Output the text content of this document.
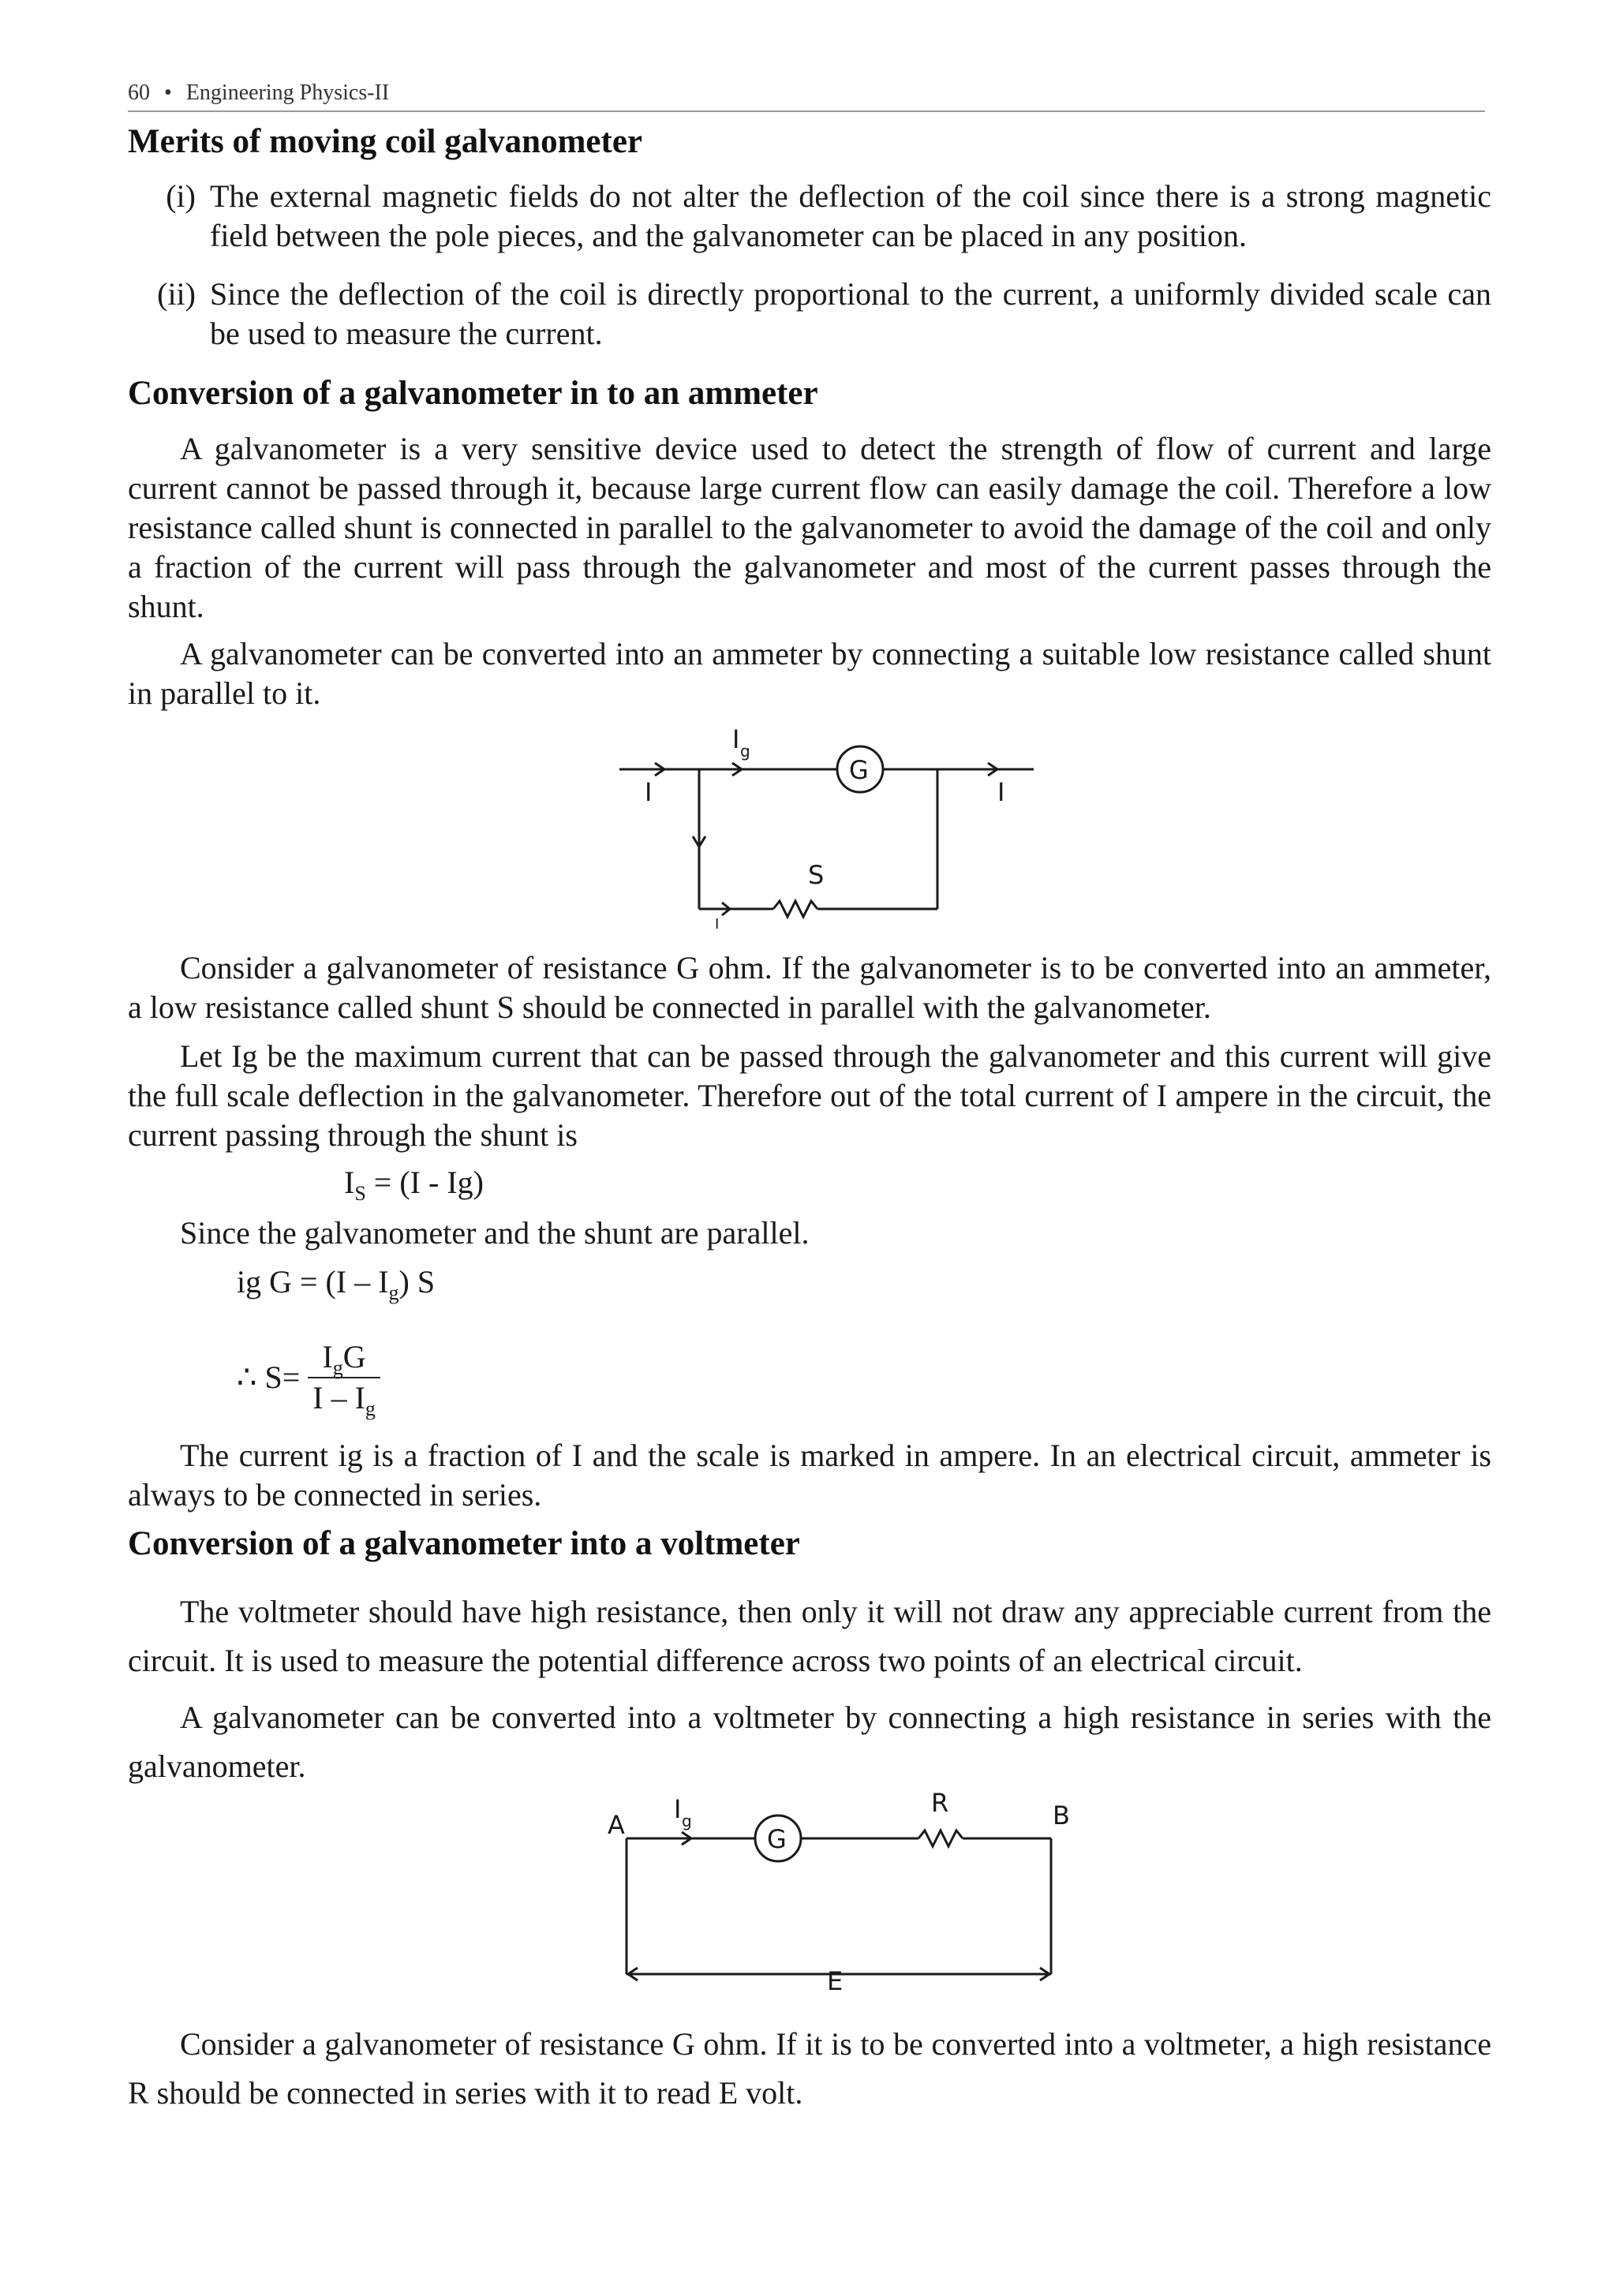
60 • Engineering Physics-II
Merits of moving coil galvanometer
(i) The external magnetic fields do not alter the deflection of the coil since there is a strong magnetic field between the pole pieces, and the galvanometer can be placed in any position.
(ii) Since the deflection of the coil is directly proportional to the current, a uniformly divided scale can be used to measure the current.
Conversion of a galvanometer in to an ammeter

A galvanometer is a very sensitive device used to detect the strength of flow of current and large current cannot be passed through it, because large current flow can easily damage the coil. Therefore a low resistance called shunt is connected in parallel to the galvanometer to avoid the damage of the coil and only a fraction of the current will pass through the galvanometer and most of the current passes through the shunt.

A galvanometer can be converted into an ammeter by connecting a suitable low resistance called shunt in parallel to it.

G
I	I
I g
S
I

Consider a galvanometer of resistance G ohm. If the galvanometer is to be converted into an ammeter, a low resistance called shunt S should be connected in parallel with the galvanometer.

Let Ig be the maximum current that can be passed through the galvanometer and this current will give the full scale deflection in the galvanometer. Therefore out of the total current of I ampere in the circuit, the current passing through the shunt is

$I_S = (I - Ig)$

Since the galvanometer and the shunt are parallel.

ig $G = (I - I_g)$ S
∴ $S= \frac{I_gG}{I - I_g}$

The current ig is a fraction of I and the scale is marked in ampere. In an electrical circuit, ammeter is always to be connected in series.

Conversion of a galvanometer into a voltmeter

The voltmeter should have high resistance, then only it will not draw any appreciable current from the circuit. It is used to measure the potential difference across two points of an electrical circuit.

A galvanometer can be converted into a voltmeter by connecting a high resistance in series with the galvanometer.

G
A	B
I g
R
E

Consider a galvanometer of resistance G ohm. If it is to be converted into a voltmeter, a high resistance R should be connected in series with it to read E volt.
